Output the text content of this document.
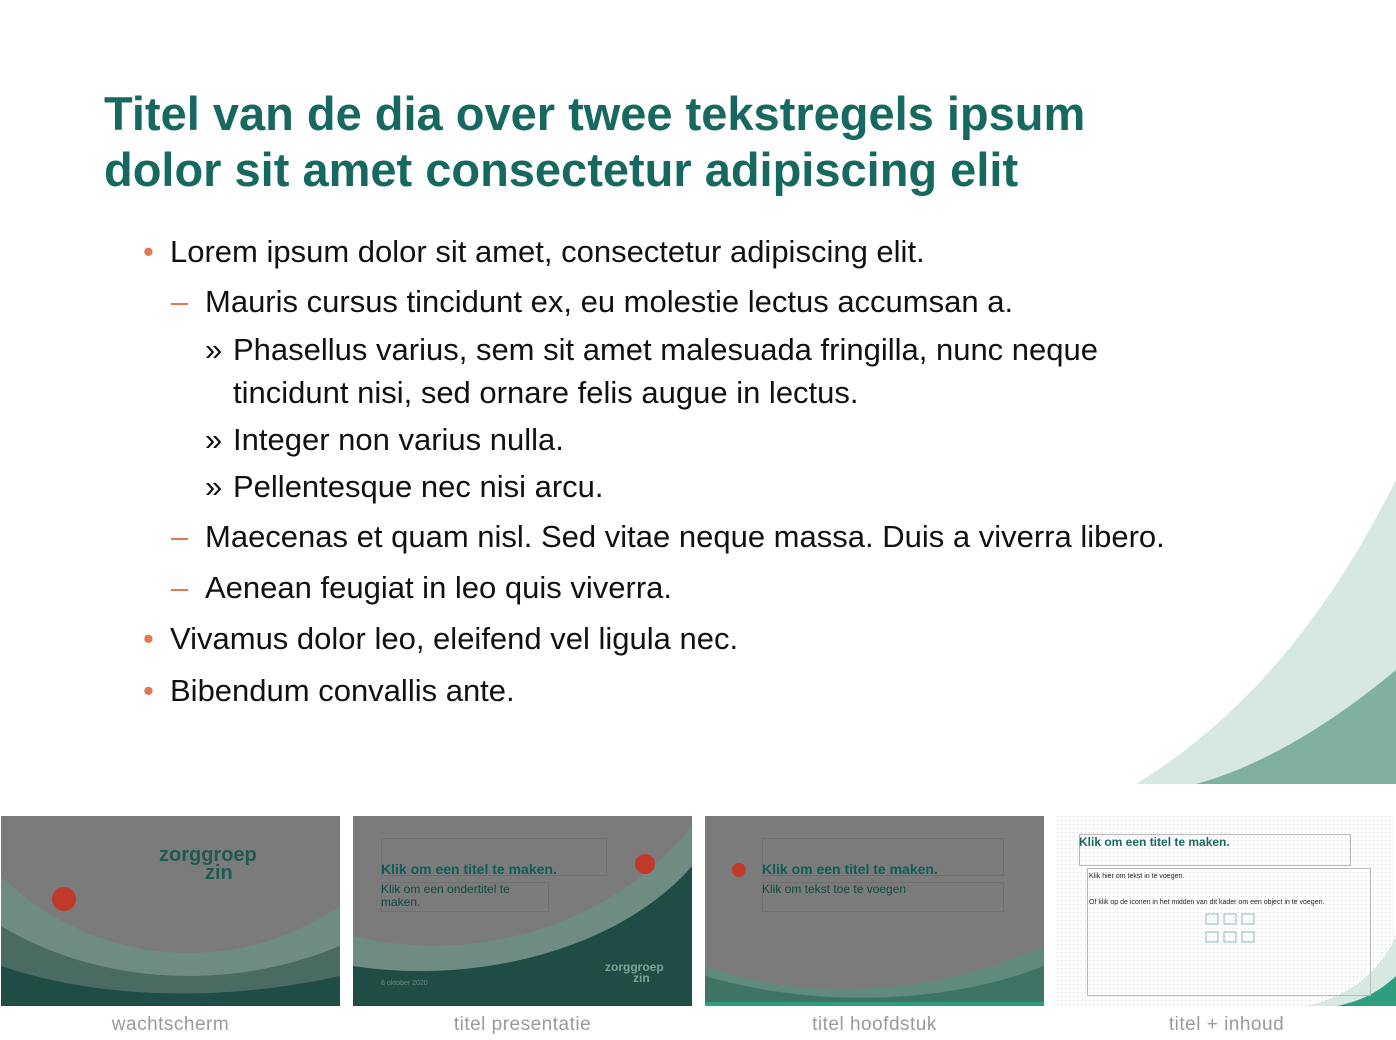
Titel van de dia over twee tekstregels ipsum
dolor sit amet consectetur adipiscing elit
• Lorem ipsum dolor sit amet, consectetur adipiscing elit.
– Mauris cursus tincidunt ex, eu molestie lectus accumsan a.
» Phasellus varius, sem sit amet malesuada fringilla, nunc neque
tincidunt nisi, sed ornare felis augue in lectus.
» Integer non varius nulla.
» Pellentesque nec nisi arcu.
– Maecenas et quam nisl. Sed vitae neque massa. Duis a viverra libero.
– Aenean feugiat in leo quis viverra.
• Vivamus dolor leo, eleifend vel ligula nec.
• Bibendum convallis ante.
zorggroep
zin
wachtscherm
Klik om een titel te maken.
Klik om een ondertitel te maken.
8 oktober 2020
zorggroep
zin
titel presentatie
Klik om een titel te maken.
Klik om tekst toe te voegen
titel hoofdstuk
Klik om een titel te maken.
Klik hier om tekst in te voegen.
Of klik op de iconen in het midden van dit kader om een object in te voegen.
titel + inhoud
